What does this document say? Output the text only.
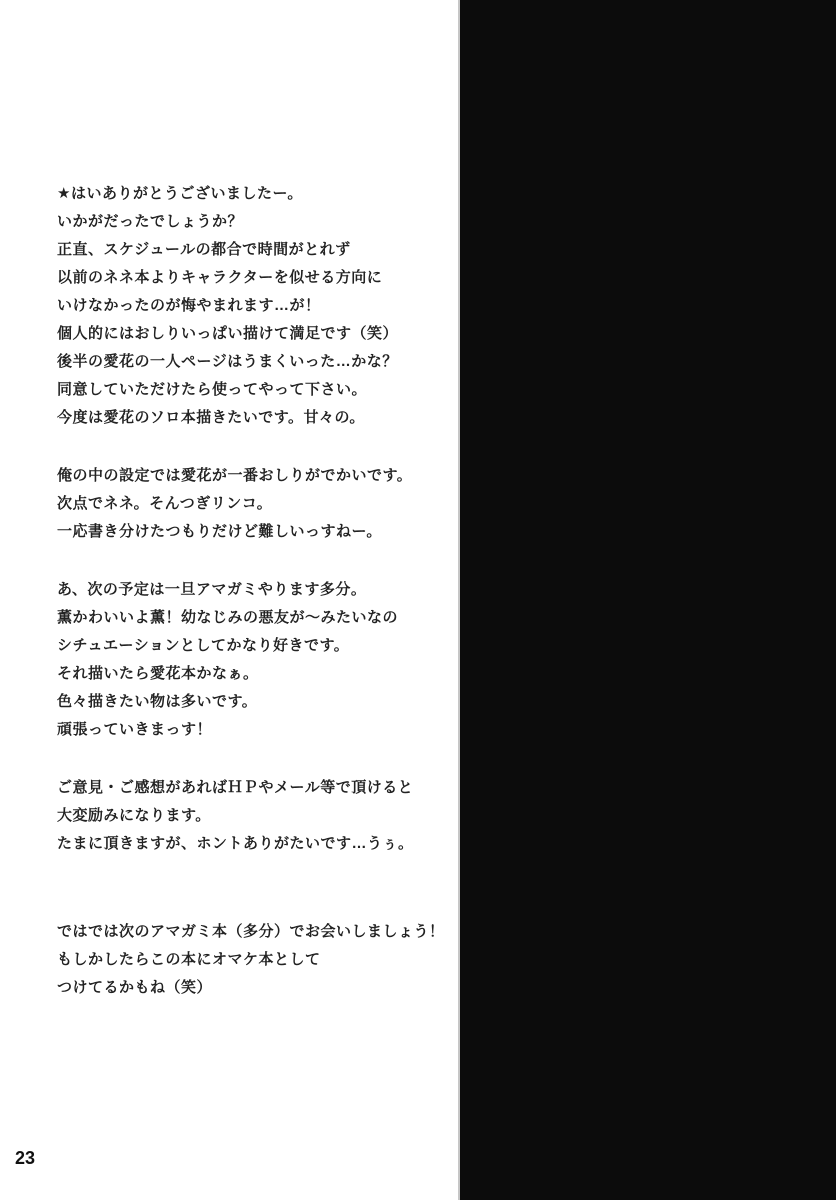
★はいありがとうございましたー。
いかがだったでしょうか？
正直、スケジュールの都合で時間がとれず
以前のネネ本よりキャラクターを似せる方向に
いけなかったのが悔やまれます…が！
個人的にはおしりいっぱい描けて満足です（笑）
後半の愛花の一人ページはうまくいった…かな？
同意していただけたら使ってやって下さい。
今度は愛花のソロ本描きたいです。甘々の。
俺の中の設定では愛花が一番おしりがでかいです。
次点でネネ。そんつぎリンコ。
一応書き分けたつもりだけど難しいっすねー。
あ、次の予定は一旦アマガミやります多分。
薫かわいいよ薫！幼なじみの悪友が～みたいなの
シチュエーションとしてかなり好きです。
それ描いたら愛花本かなぁ。
色々描きたい物は多いです。
頑張っていきまっす！
ご意見・ご感想があればＨＰやメール等で頂けると
大変励みになります。
たまに頂きますが、ホントありがたいです…うぅ。
ではでは次のアマガミ本（多分）でお会いしましょう！
もしかしたらこの本にオマケ本として
つけてるかもね（笑）
23
